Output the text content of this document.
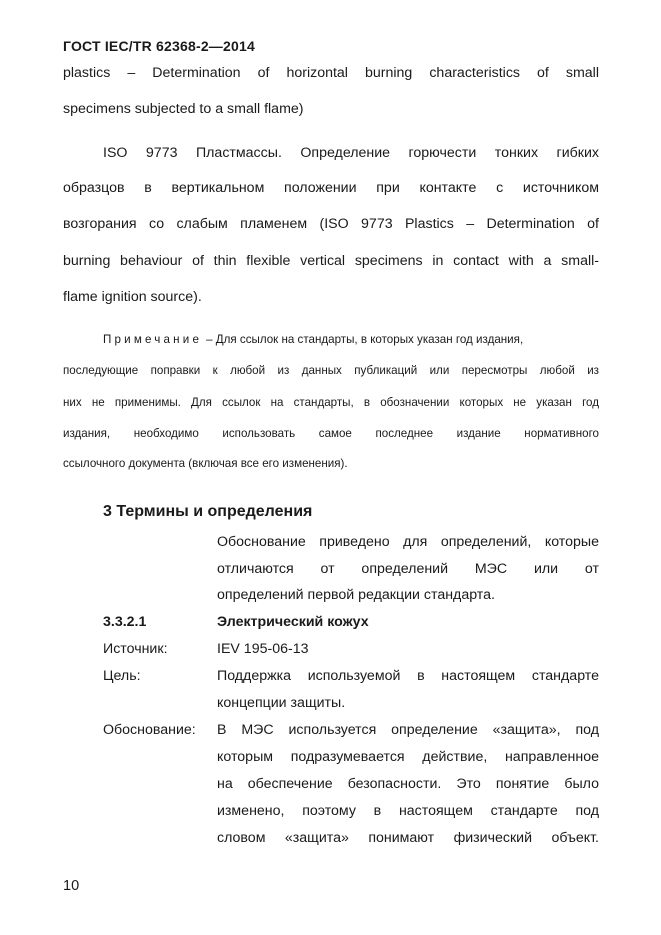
ГОСТ IEC/TR 62368-2—2014
plastics – Determination of horizontal burning characteristics of small
specimens subjected to a small flame)
ISO 9773 Пластмассы. Определение горючести тонких гибких
образцов в вертикальном положении при контакте с источником
возгорания со слабым пламенем (ISO 9773 Plastics – Determination of
burning behaviour of thin flexible vertical specimens in contact with a small-
flame ignition source).
Примечание – Для ссылок на стандарты, в которых указан год издания,
последующие поправки к любой из данных публикаций или пересмотры любой из
них не применимы. Для ссылок на стандарты, в обозначении которых не указан год
издания, необходимо использовать самое последнее издание нормативного
ссылочного документа (включая все его изменения).
3 Термины и определения
Обоснование приведено для определений, которые
отличаются от определений МЭС или от
определений первой редакции стандарта.
3.3.2.1	Электрический кожух
Источник:	IEV 195-06-13
Цель:	Поддержка используемой в настоящем стандарте
концепции защиты.
Обоснование: В МЭС используется определение «защита», под
которым подразумевается действие, направленное
на обеспечение безопасности. Это понятие было
изменено, поэтому в настоящем стандарте под
словом «защита» понимают физический объект.
10
